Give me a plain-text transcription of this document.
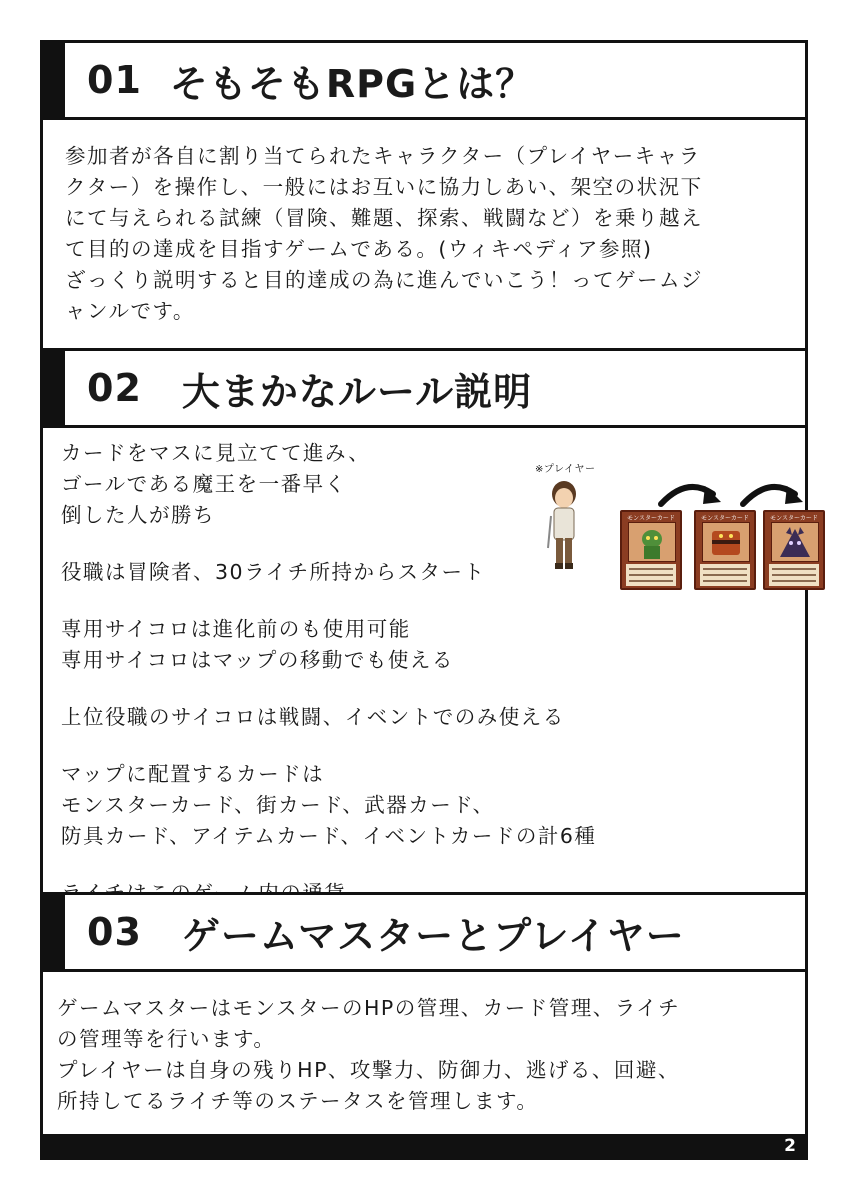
01 そもそもRPGとは？
参加者が各自に割り当てられたキャラクター（プレイヤーキャラ
クター）を操作し、一般にはお互いに協力しあい、架空の状況下
にて与えられる試練（冒険、難題、探索、戦闘など）を乗り越え
て目的の達成を目指すゲームである。(ウィキペディア参照)
ざっくり説明すると目的達成の為に進んでいこう！ってゲームジ
ャンルです。
02 大まかなルール説明
カードをマスに見立てて進み、
ゴールである魔王を一番早く
倒した人が勝ち
役職は冒険者、30ライチ所持からスタート
専用サイコロは進化前のも使用可能
専用サイコロはマップの移動でも使える
上位役職のサイコロは戦闘、イベントでのみ使える
マップに配置するカードは
モンスターカード、街カード、武器カード、
防具カード、アイテムカード、イベントカードの計6種
※プレイヤー
モンスターカード	モンスターカード	モンスターカード
03 ゲームマスターとプレイヤー
ゲームマスターはモンスターのHPの管理、カード管理、ライチ
の管理等を行います。
プレイヤーは自身の残りHP、攻撃力、防御力、逃げる、回避、
所持してるライチ等のステータスを管理します。
2
